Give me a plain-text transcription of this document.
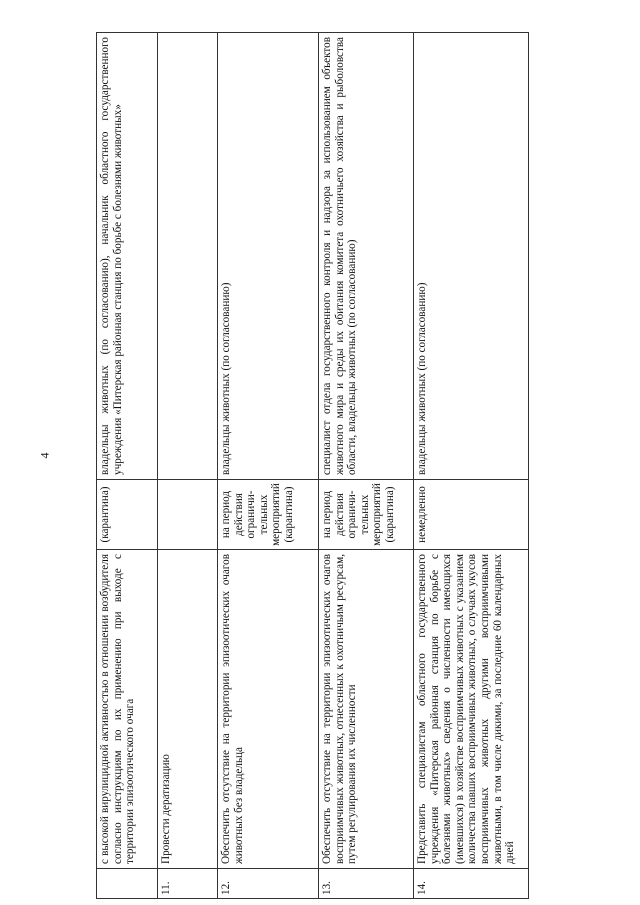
4
	с высокой вирулицидной активностью в отношении возбудителя согласно инструкциям по их применению при выходе с территории эпизоотического очага	(карантина)	владельцы животных (по согласованию), начальник областного государственного учреждения «Питерская районная станция по борьбе с болезнями животных»
11.	Провести дератизацию		
12.	Обеспечить отсутствие на территории эпизоотических очагов животных без владельца	на период действия ограничи-тельных мероприятий (карантина)	владельцы животных (по согласованию)
13.	Обеспечить отсутствие на территории эпизоотических очагов восприимчивых животных, отнесенных к охотничьим ресурсам, путем регулирования их численности	на период действия ограничи-тельных мероприятий (карантина)	специалист отдела государственного контроля и надзора за использованием объектов животного мира и среды их обитания комитета охотничьего хозяйства и рыболовства области, владельцы животных (по согласованию)
14.	Представить специалистам областного государственного учреждения «Питерская районная станция по борьбе с болезнями животных» сведения о численности имеющихся (имевшихся) в хозяйстве восприимчивых животных с указанием количества павших восприимчивых животных, о случаях укусов восприимчивых животных другими восприимчивыми животными, в том числе дикими, за последние 60 календарных дней	немедленно	владельцы животных (по согласованию)
